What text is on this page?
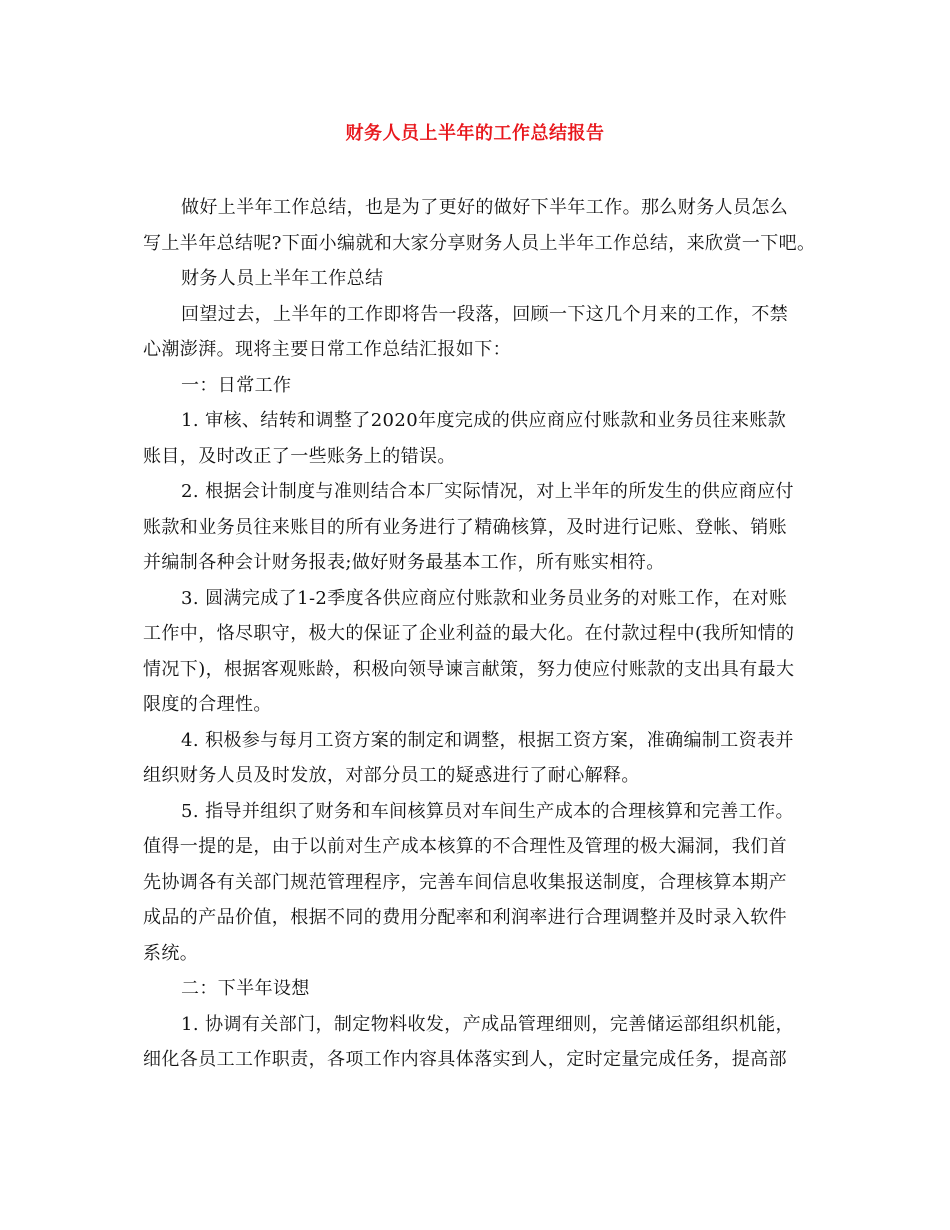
财务人员上半年的工作总结报告
做好上半年工作总结，也是为了更好的做好下半年工作。那么财务人员怎么
写上半年总结呢?下面小编就和大家分享财务人员上半年工作总结，来欣赏一下吧。
财务人员上半年工作总结
回望过去，上半年的工作即将告一段落，回顾一下这几个月来的工作，不禁
心潮澎湃。现将主要日常工作总结汇报如下：
一：日常工作
1. 审核、结转和调整了2020年度完成的供应商应付账款和业务员往来账款
账目，及时改正了一些账务上的错误。
2. 根据会计制度与准则结合本厂实际情况，对上半年的所发生的供应商应付
账款和业务员往来账目的所有业务进行了精确核算，及时进行记账、登帐、销账
并编制各种会计财务报表;做好财务最基本工作，所有账实相符。
3. 圆满完成了1-2季度各供应商应付账款和业务员业务的对账工作，在对账
工作中，恪尽职守，极大的保证了企业利益的最大化。在付款过程中(我所知情的
情况下)，根据客观账龄，积极向领导谏言献策，努力使应付账款的支出具有最大
限度的合理性。
4. 积极参与每月工资方案的制定和调整，根据工资方案，准确编制工资表并
组织财务人员及时发放，对部分员工的疑惑进行了耐心解释。
5. 指导并组织了财务和车间核算员对车间生产成本的合理核算和完善工作。
值得一提的是，由于以前对生产成本核算的不合理性及管理的极大漏洞，我们首
先协调各有关部门规范管理程序，完善车间信息收集报送制度，合理核算本期产
成品的产品价值，根据不同的费用分配率和利润率进行合理调整并及时录入软件
系统。
二：下半年设想
1. 协调有关部门，制定物料收发，产成品管理细则，完善储运部组织机能，
细化各员工工作职责，各项工作内容具体落实到人，定时定量完成任务，提高部
